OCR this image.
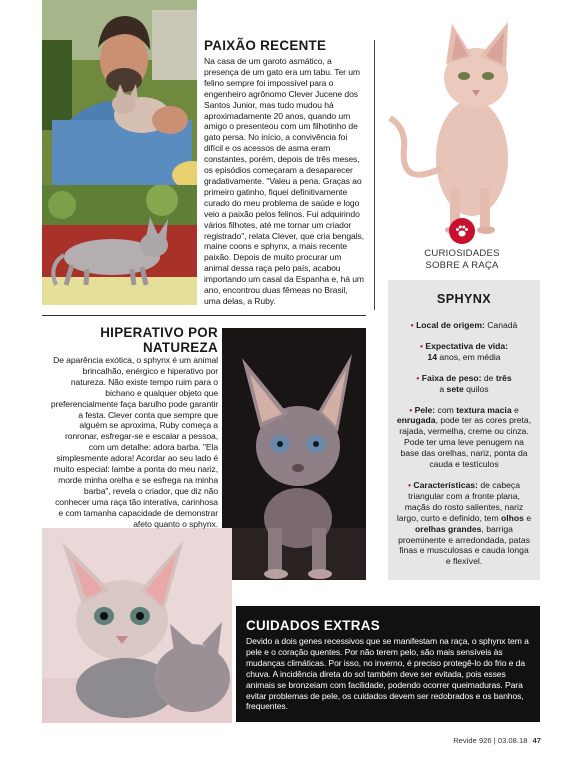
PAIXÃO RECENTE

Na casa de um garoto asmático, a presença de um gato era um tabu. Ter um felino sempre foi impossível para o engenheiro agrônomo Clever Jucene dos Santos Junior, mas tudo mudou há aproximadamente 20 anos, quando um amigo o presenteou com um filhotinho de gato persa. No início, a convivência foi difícil e os acessos de asma eram constantes, porém, depois de três meses, os episódios começaram a desaparecer gradativamente. "Valeu a pena. Graças ao primeiro gatinho, fiquei definitivamente curado do meu problema de saúde e logo veio a paixão pelos felinos. Fui adquirindo vários filhotes, até me tornar um criador registrado", relata Clever, que cria bengals, maine coons e sphynx, a mais recente paixão. Depois de muito procurar um animal dessa raça pelo país, acabou importando um casal da Espanha e, há um ano, encontrou duas fêmeas no Brasil, uma delas, a Ruby.

HIPERATIVO POR
NATUREZA

De aparência exótica, o sphynx é um animal brincalhão, enérgico e hiperativo por natureza. Não existe tempo ruim para o bichano e qualquer objeto que preferencialmente faça barulho pode garantir a festa. Clever conta que sempre que alguém se aproxima, Ruby começa a ronronar, esfregar-se e escalar a pessoa, com um detalhe: adora barba. "Ela simplesmente adora! Acordar ao seu lado é muito especial: lambe a ponta do meu nariz, morde minha orelha e se esfrega na minha barba", revela o criador, que diz não conhecer uma raça tão interativa, carinhosa e com tamanha capacidade de demonstrar afeto quanto o sphynx.

CURIOSIDADES
SOBRE A RAÇA
SPHYNX

• Local de origem: Canadá

• Expectativa de vida:
14 anos, em média

• Faixa de peso: de três
a sete quilos

• Pele: com textura macia e enrugada, pode ter as cores preta, rajada, vermelha, creme ou cinza. Pode ter uma leve penugem na base das orelhas, nariz, ponta da cauda e testículos

• Características: de cabeça triangular com a fronte plana, maçãs do rosto salientes, nariz largo, curto e definido, tem olhos e orelhas grandes, barriga proeminente e arredondada, patas finas e musculosas e cauda longa e flexível.

CUIDADOS EXTRAS

Devido a dois genes recessivos que se manifestam na raça, o sphynx tem a pele e o coração quentes. Por não terem pelo, são mais sensíveis às mudanças climáticas. Por isso, no inverno, é preciso protegê-lo do frio e da chuva. A incidência direta do sol também deve ser evitada, pois esses animais se bronzeiam com facilidade, podendo ocorrer queimaduras. Para evitar problemas de pele, os cuidados devem ser redobrados e os banhos, frequentes.

Revide 926 | 03.08.18 47
